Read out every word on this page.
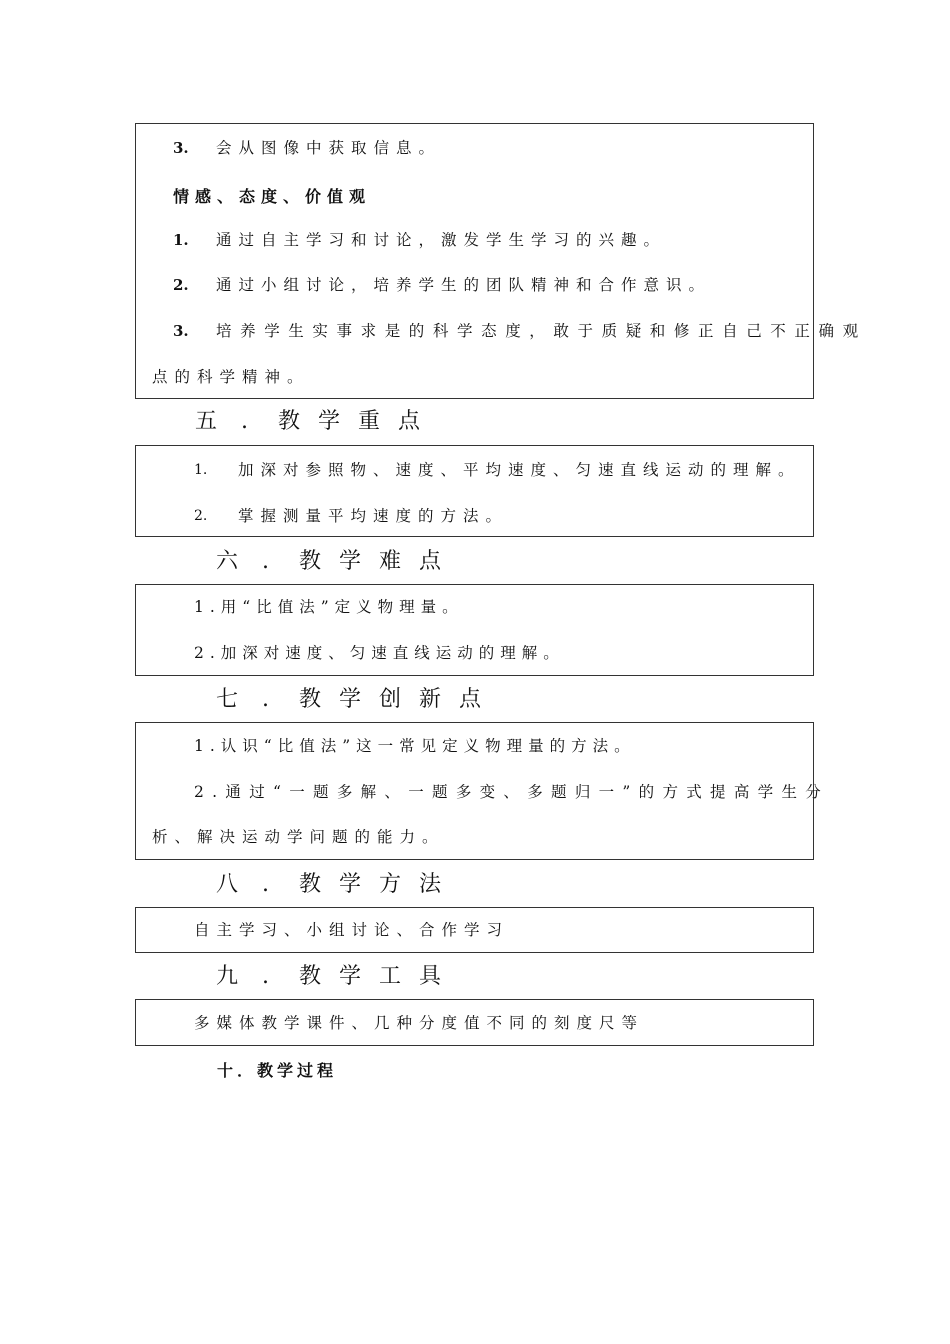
3. 会从图像中获取信息。
情感、态度、价值观
1. 通过自主学习和讨论，激发学生学习的兴趣。
2. 通过小组讨论，培养学生的团队精神和合作意识。
3. 培养学生实事求是的科学态度，敢于质疑和修正自己不正确观
点的科学精神。
五 . 教学重点
1. 加深对参照物、速度、平均速度、匀速直线运动的理解。
2. 掌握测量平均速度的方法。
六 . 教学难点
1.用“比值法”定义物理量。
2.加深对速度、匀速直线运动的理解。
七 . 教学创新点
1.认识“比值法”这一常见定义物理量的方法。
2.通过“一题多解、一题多变、多题归一”的方式提高学生分
析、解决运动学问题的能力。
八 . 教学方法
自主学习、小组讨论、合作学习
九 . 教学工具
多媒体教学课件、几种分度值不同的刻度尺等
十．教学过程
